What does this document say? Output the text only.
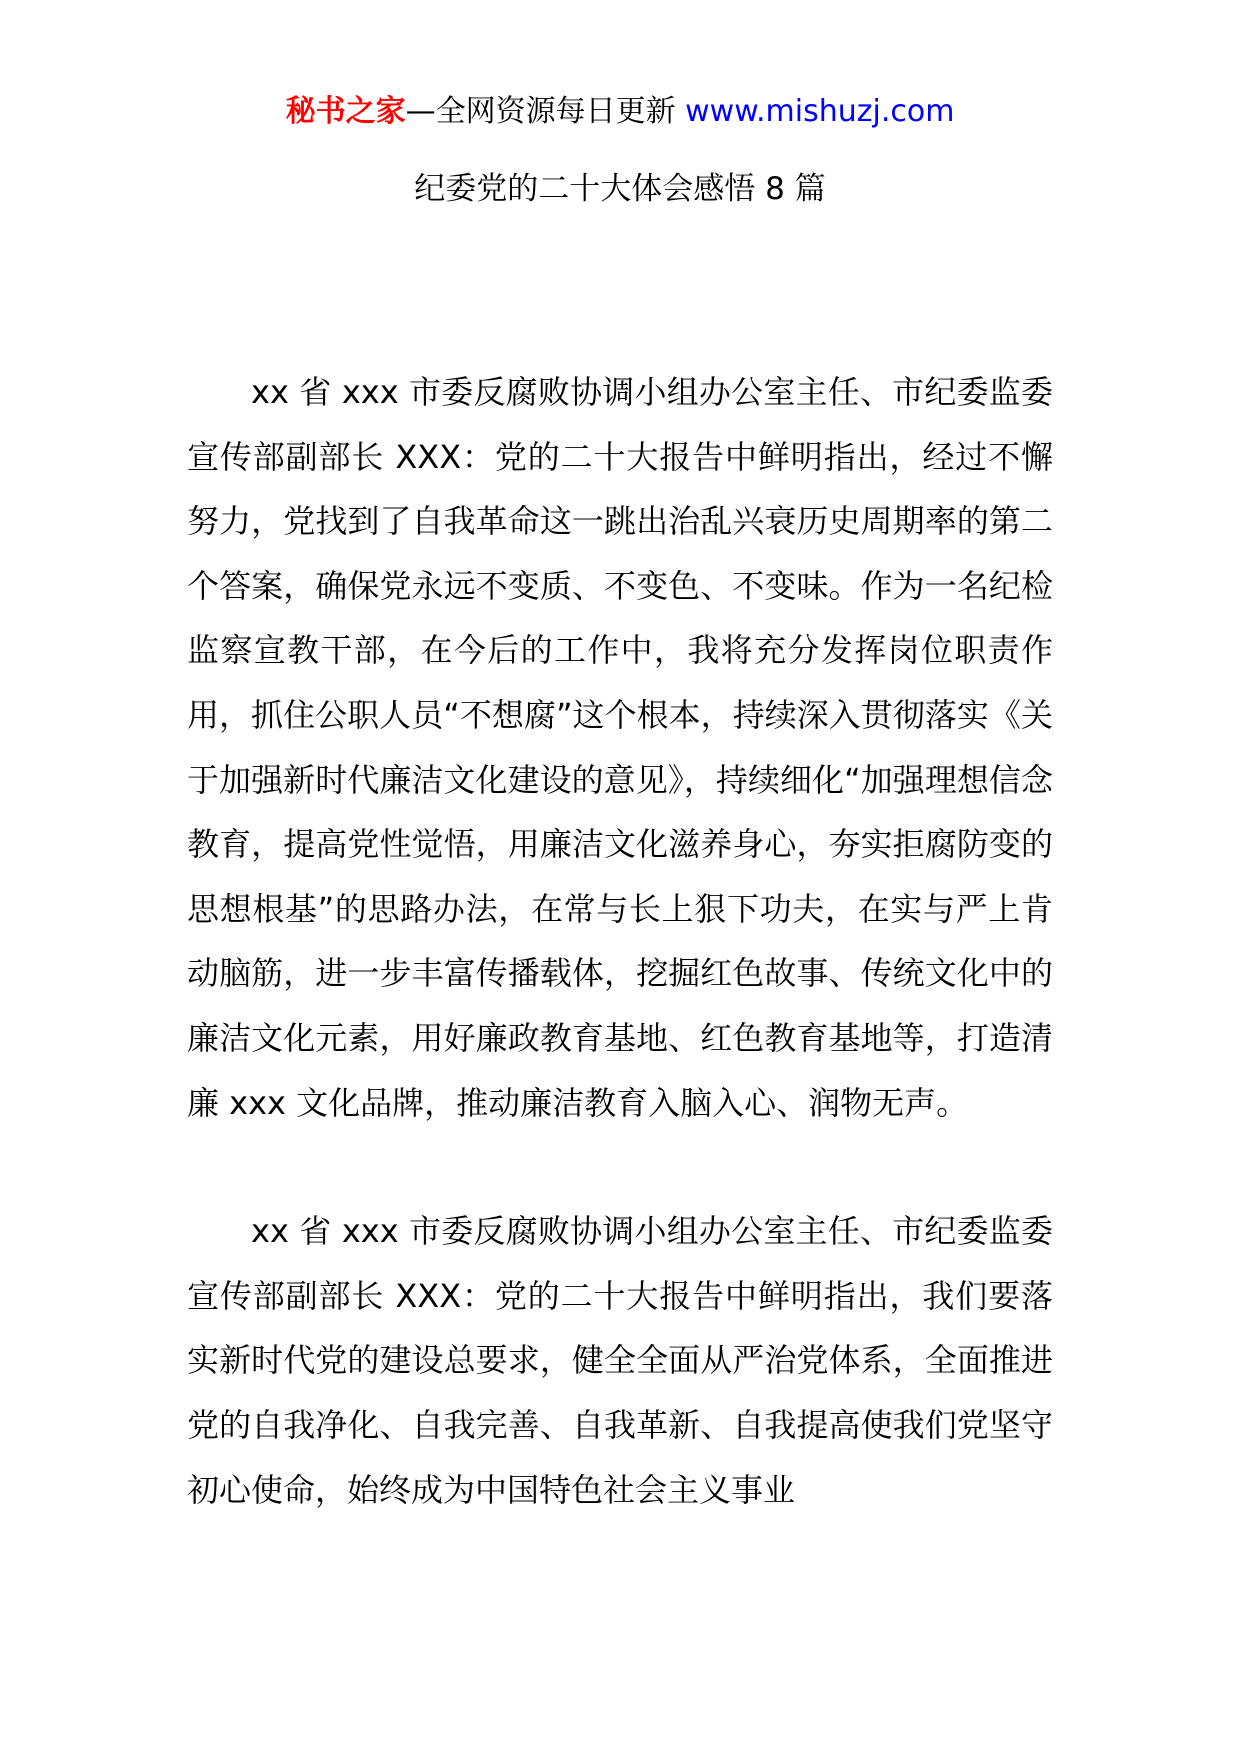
秘书之家—全网资源每日更新 www.mishuzj.com
纪委党的二十大体会感悟 8 篇

xx 省 xxx 市委反腐败协调小组办公室主任、市纪委监委宣传部副部长 XXX：党的二十大报告中鲜明指出，经过不懈努力，党找到了自我革命这一跳出治乱兴衰历史周期率的第二个答案，确保党永远不变质、不变色、不变味。作为一名纪检监察宣教干部，在今后的工作中，我将充分发挥岗位职责作用，抓住公职人员“不想腐”这个根本，持续深入贯彻落实《关于加强新时代廉洁文化建设的意见》，持续细化“加强理想信念教育，提高党性觉悟，用廉洁文化滋养身心，夯实拒腐防变的思想根基”的思路办法，在常与长上狠下功夫，在实与严上肯动脑筋，进一步丰富传播载体，挖掘红色故事、传统文化中的廉洁文化元素，用好廉政教育基地、红色教育基地等，打造清廉 xxx 文化品牌，推动廉洁教育入脑入心、润物无声。

xx 省 xxx 市委反腐败协调小组办公室主任、市纪委监委宣传部副部长 XXX：党的二十大报告中鲜明指出，我们要落实新时代党的建设总要求，健全全面从严治党体系，全面推进党的自我净化、自我完善、自我革新、自我提高使我们党坚守初心使命，始终成为中国特色社会主义事业
